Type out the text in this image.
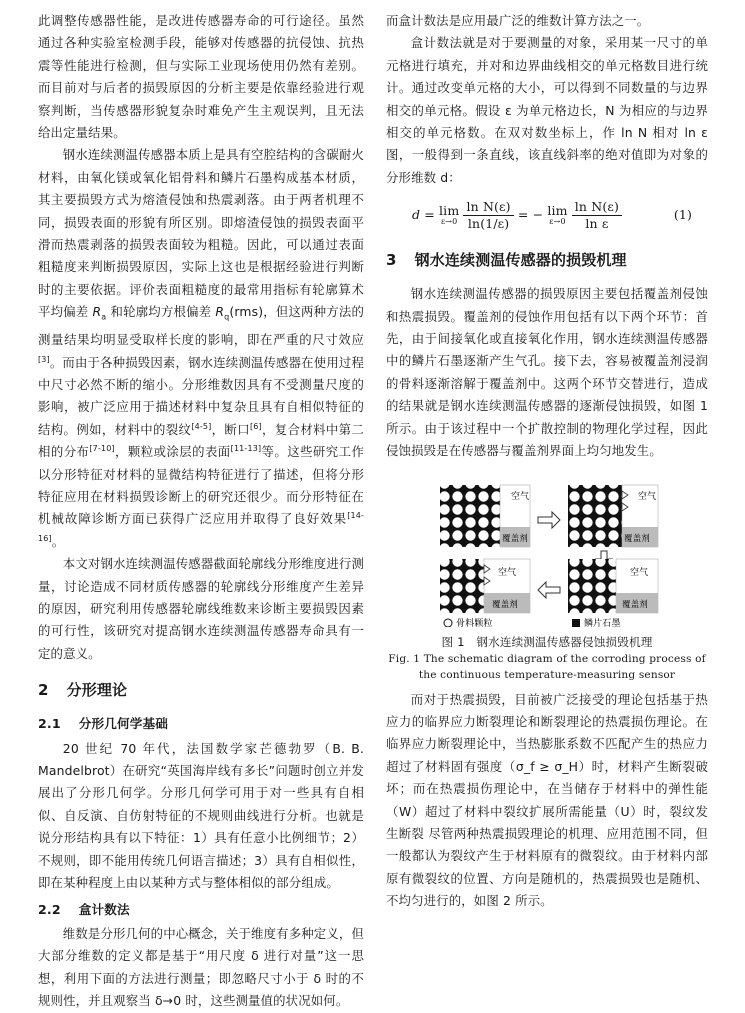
此调整传感器性能，是改进传感器寿命的可行途径。虽然通过各种实验室检测手段，能够对传感器的抗侵蚀、抗热震等性能进行检测，但与实际工业现场使用仍然有差别。而目前对与后者的损毁原因的分析主要是依靠经验进行观察判断，当传感器形貌复杂时难免产生主观误判，且无法给出定量结果。

钢水连续测温传感器本质上是具有空腔结构的含碳耐火材料，由氧化镁或氧化铝骨料和鳞片石墨构成基本材质，其主要损毁方式为熔渣侵蚀和热震剥落。由于两者机理不同，损毁表面的形貌有所区别。即熔渣侵蚀的损毁表面平滑而热震剥落的损毁表面较为粗糙。因此，可以通过表面粗糙度来判断损毁原因，实际上这也是根据经验进行判断时的主要依据。评价表面粗糙度的最常用指标有轮廓算术平均偏差 $R_a$ 和轮廓均方根偏差 $R_q(rms)$，但这两种方法的测量结果均明显受取样长度的影响，即在严重的尺寸效应[3]。而由于各种损毁因素，钢水连续测温传感器在使用过程中尺寸必然不断的缩小。分形维数因具有不受测量尺度的影响，被广泛应用于描述材料中复杂且具有自相似特征的结构。例如，材料中的裂纹[4-5]，断口[6]，复合材料中第二相的分布[7-10]，颗粒或涂层的表面[11-13]等。这些研究工作以分形特征对材料的显微结构特征进行了描述，但将分形特征应用在材料损毁诊断上的研究还很少。而分形特征在机械故障诊断方面已获得广泛应用并取得了良好效果[14-16]。

本文对钢水连续测温传感器截面轮廓线分形维度进行测量，讨论造成不同材质传感器的轮廓线分形维度产生差异的原因，研究利用传感器轮廓线维数来诊断主要损毁因素的可行性，该研究对提高钢水连续测温传感器寿命具有一定的意义。

2 分形理论
2.1 分形几何学基础

20 世纪 70 年代，法国数学家芒德勃罗（B. B. Mandelbrot）在研究“英国海岸线有多长”问题时创立并发展出了分形几何学。分形几何学可用于对一些具有自相似、自反演、自仿射特征的不规则曲线进行分析。也就是说分形结构具有以下特征：1）具有任意小比例细节；2）不规则，即不能用传统几何语言描述；3）具有自相似性，即在某种程度上由以某种方式与整体相似的部分组成。

2.2 盒计数法

维数是分形几何的中心概念，关于维度有多种定义，但大部分维数的定义都是基于“用尺度 δ 进行对量”这一思想，利用下面的方法进行测量；即忽略尺寸小于 δ 时的不规则性，并且观察当 δ→0 时，这些测量值的状况如何。

而盒计数法是应用最广泛的维数计算方法之一。

盒计数法就是对于要测量的对象，采用某一尺寸的单元格进行填充，并对和边界曲线相交的单元格数目进行统计。通过改变单元格的大小，可以得到不同数量的与边界相交的单元格。假设 ε 为单元格边长，N 为相应的与边界相交的单元格数。在双对数坐标上，作 ln N 相对 ln ε 图，一般得到一条直线，该直线斜率的绝对值即为对象的分形维数 d：

d = lim
ε→0
$\frac{\text{ln N(ε)}}{\ln(1/\varepsilon)}$ = − lim
ε→0
$\frac{\text{ln N(ε)}}{\text{ln ε}}$	(1)
3 钢水连续测温传感器的损毁机理

钢水连续测温传感器的损毁原因主要包括覆盖剂侵蚀和热震损毁。覆盖剂的侵蚀作用包括有以下两个环节：首先，由于间接氧化或直接氧化作用，钢水连续测温传感器中的鳞片石墨逐渐产生气孔。接下去，容易被覆盖剂浸润的骨料逐渐溶解于覆盖剂中。这两个环节交替进行，造成的结果就是钢水连续测温传感器的逐渐侵蚀损毁，如图 1 所示。由于该过程中一个扩散控制的物理化学过程，因此侵蚀损毁是在传感器与覆盖剂界面上均匀地发生。

空气	空气
空气	空气
覆盖剂	覆盖剂
覆盖剂	覆盖剂
骨料颗粒	鳞片石墨
图 1　钢水连续测温传感器侵蚀损毁机理
Fig. 1 The schematic diagram of the corroding process of the continuous temperature-measuring sensor

而对于热震损毁，目前被广泛接受的理论包括基于热应力的临界应力断裂理论和断裂理论的热震损伤理论。在临界应力断裂理论中，当热膨胀系数不匹配产生的热应力超过了材料固有强度（σ_f ≥ σ_H）时，材料产生断裂破坏；而在热震损伤理论中，在当储存于材料中的弹性能（W）超过了材料中裂纹扩展所需能量（U）时，裂纹发生断裂 尽管两种热震损毁理论的机理、应用范围不同，但一般都认为裂纹产生于材料原有的微裂纹。由于材料内部原有微裂纹的位置、方向是随机的，热震损毁也是随机、不均匀进行的，如图 2 所示。
